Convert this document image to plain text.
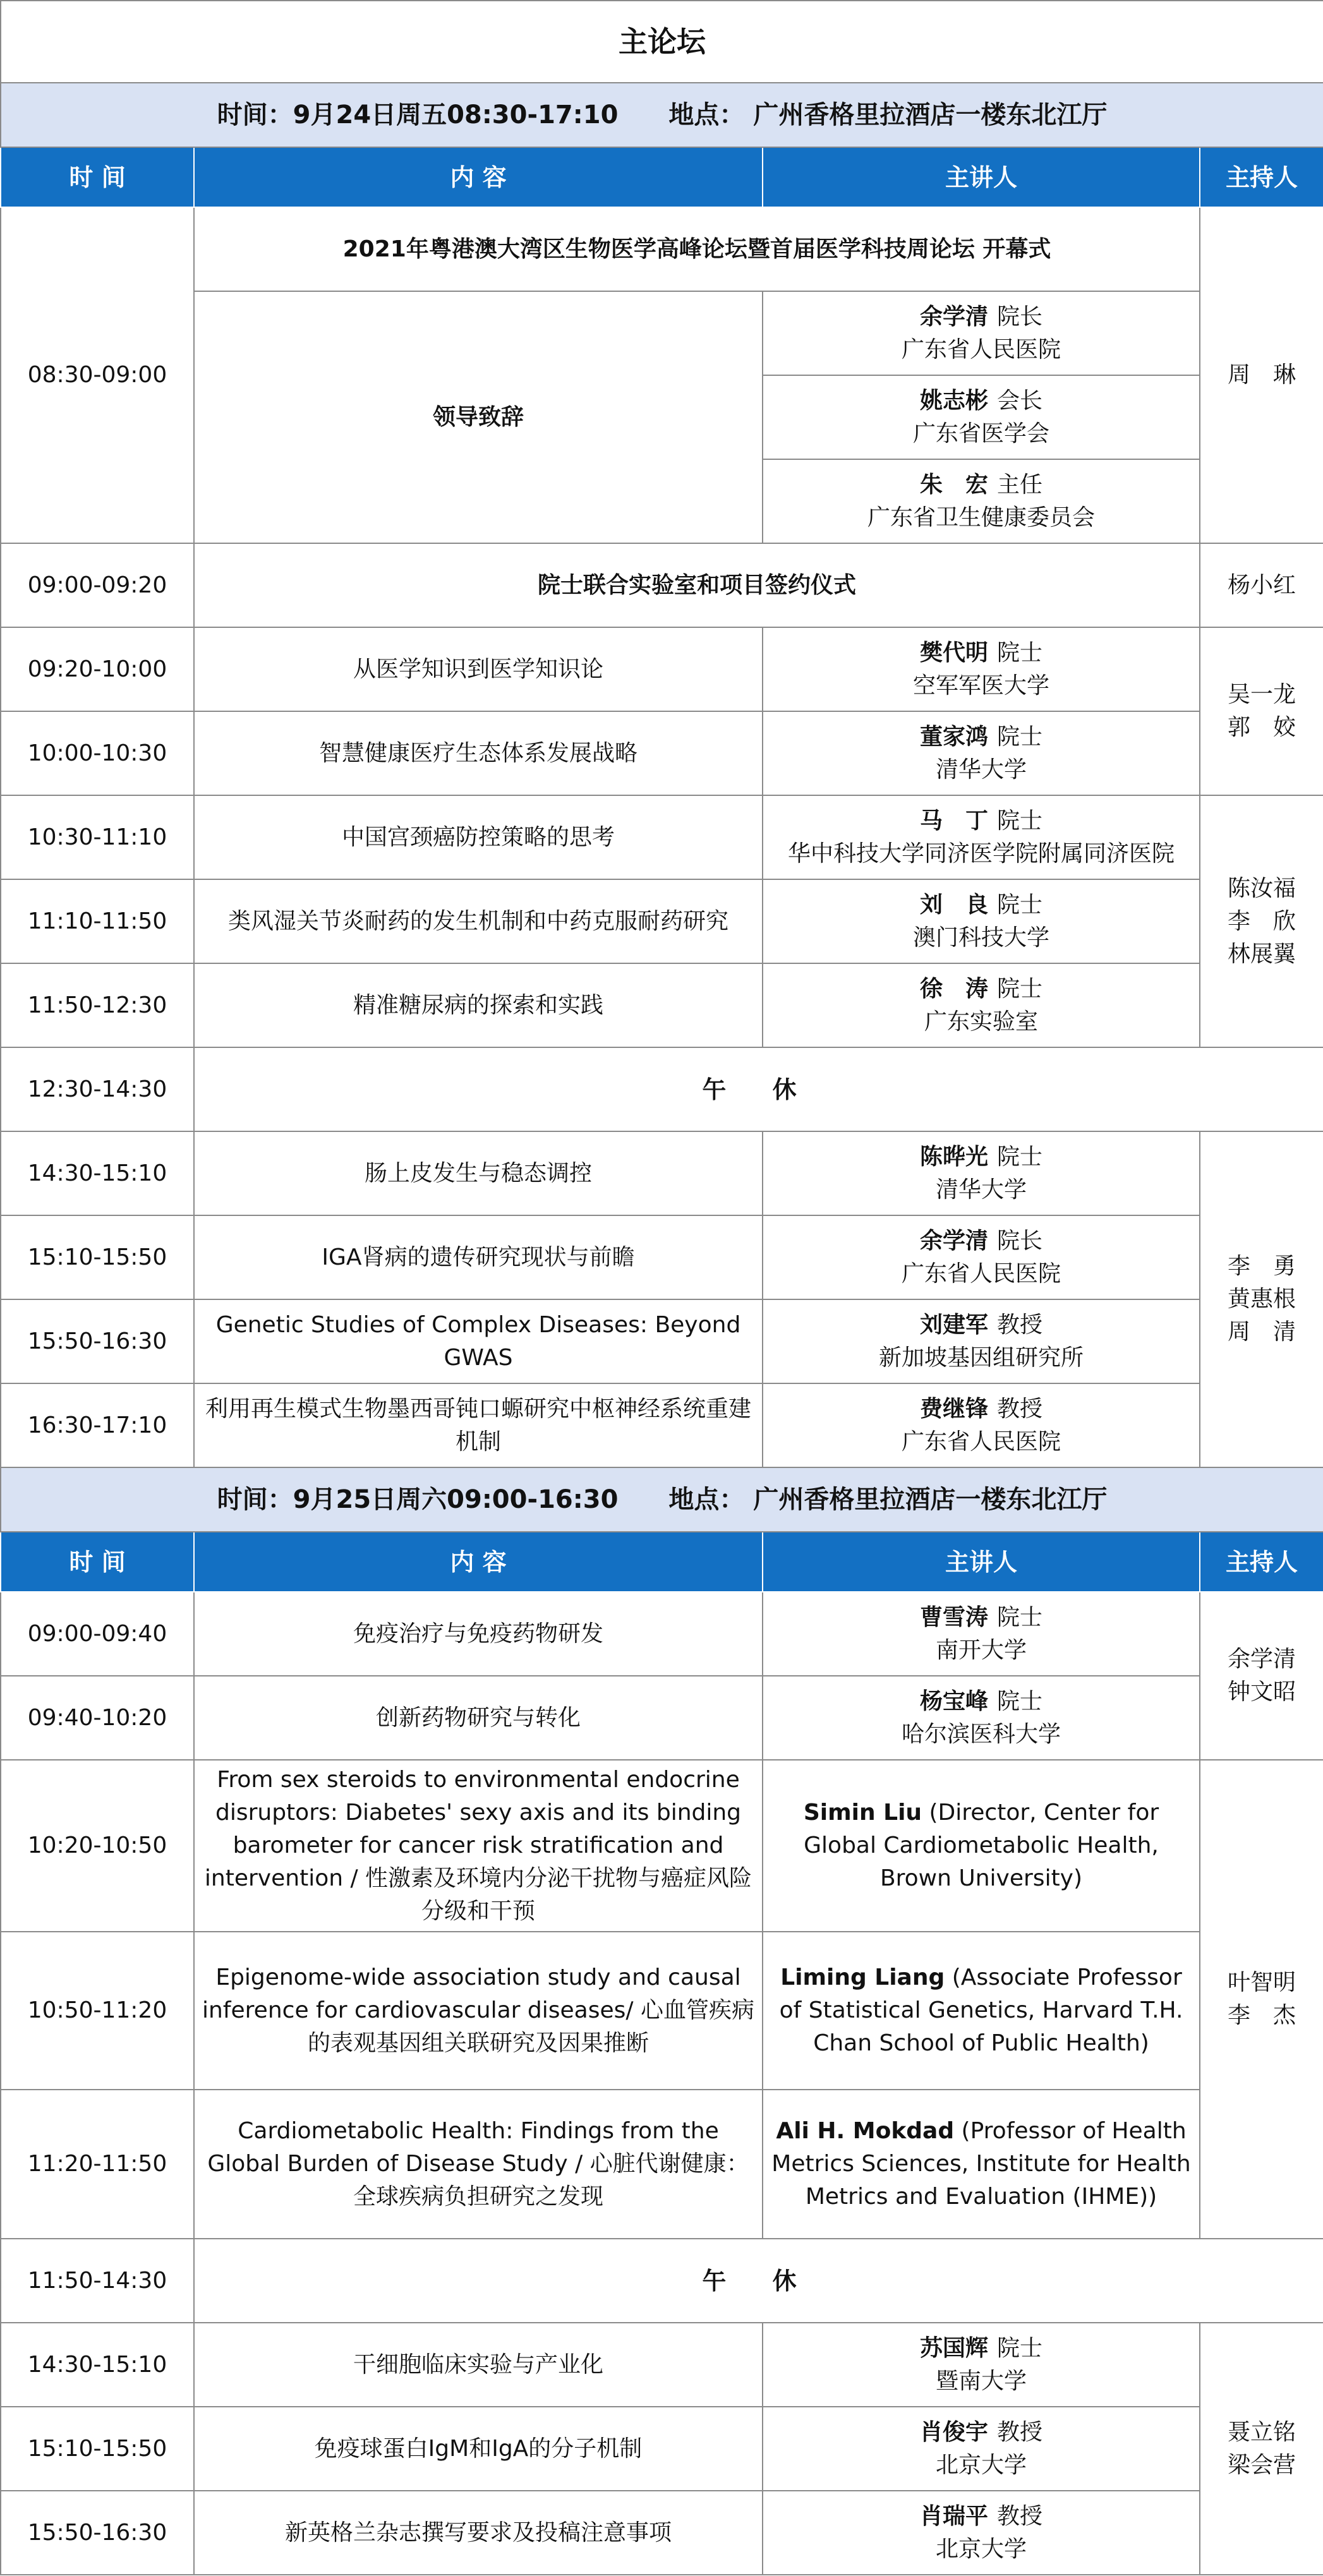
主论坛			
时间：9月24日周五08:30-17:10 地点： 广州香格里拉酒店一楼东北江厅			
时 间	内 容	主讲人	主持人
08:30-09:00	2021年粤港澳大湾区生物医学高峰论坛暨首届医学科技周论坛 开幕式		周　琳

	领导致辞	余学清 院长
广东省人民医院	
		姚志彬 会长
广东省医学会	
		朱　宏 主任
广东省卫生健康委员会	
09:00-09:20	院士联合实验室和项目签约仪式		杨小红

09:20-10:00	从医学知识到医学知识论	樊代明 院士
空军军医大学	吴一龙
郭　姣

10:00-10:30	智慧健康医疗生态体系发展战略	董家鸿 院士
清华大学	
10:30-11:10	中国宫颈癌防控策略的思考	马　丁 院士
华中科技大学同济医学院附属同济医院	陈汝福
李　欣
林展翼

11:10-11:50	类风湿关节炎耐药的发生机制和中药克服耐药研究	刘　良 院士
澳门科技大学	
11:50-12:30	精准糖尿病的探索和实践	徐　涛 院士
广东实验室	
12:30-14:30	午 休		
14:30-15:10	肠上皮发生与稳态调控	陈晔光 院士
清华大学	李　勇
黄惠根
周　清

15:10-15:50	IGA肾病的遗传研究现状与前瞻	余学清 院长
广东省人民医院	
15:50-16:30	Genetic Studies of Complex Diseases: Beyond GWAS	刘建军 教授
新加坡基因组研究所	
16:30-17:10	利用再生模式生物墨西哥钝口螈研究中枢神经系统重建机制	费继锋 教授
广东省人民医院	
时间：9月25日周六09:00-16:30 地点： 广州香格里拉酒店一楼东北江厅			
时 间	内 容	主讲人	主持人
09:00-09:40	免疫治疗与免疫药物研发	曹雪涛 院士
南开大学	余学清
钟文昭

09:40-10:20	创新药物研究与转化	杨宝峰 院士
哈尔滨医科大学	
10:20-10:50	From sex steroids to environmental endocrine disruptors: Diabetes' sexy axis and its binding barometer for cancer risk stratification and intervention / 性激素及环境内分泌干扰物与癌症风险分级和干预	Simin Liu (Director, Center for Global Cardiometabolic Health, Brown University)	叶智明
李　杰

10:50-11:20	Epigenome-wide association study and causal inference for cardiovascular diseases/ 心血管疾病的表观基因组关联研究及因果推断	Liming Liang (Associate Professor of Statistical Genetics, Harvard T.H. Chan School of Public Health)	
11:20-11:50	Cardiometabolic Health: Findings from the Global Burden of Disease Study / 心脏代谢健康：全球疾病负担研究之发现	Ali H. Mokdad (Professor of Health Metrics Sciences, Institute for Health Metrics and Evaluation (IHME))	
11:50-14:30	午 休		
14:30-15:10	干细胞临床实验与产业化	苏国辉 院士
暨南大学	聂立铭
梁会营

15:10-15:50	免疫球蛋白IgM和IgA的分子机制	肖俊宇 教授
北京大学	
15:50-16:30	新英格兰杂志撰写要求及投稿注意事项	肖瑞平 教授
北京大学	
